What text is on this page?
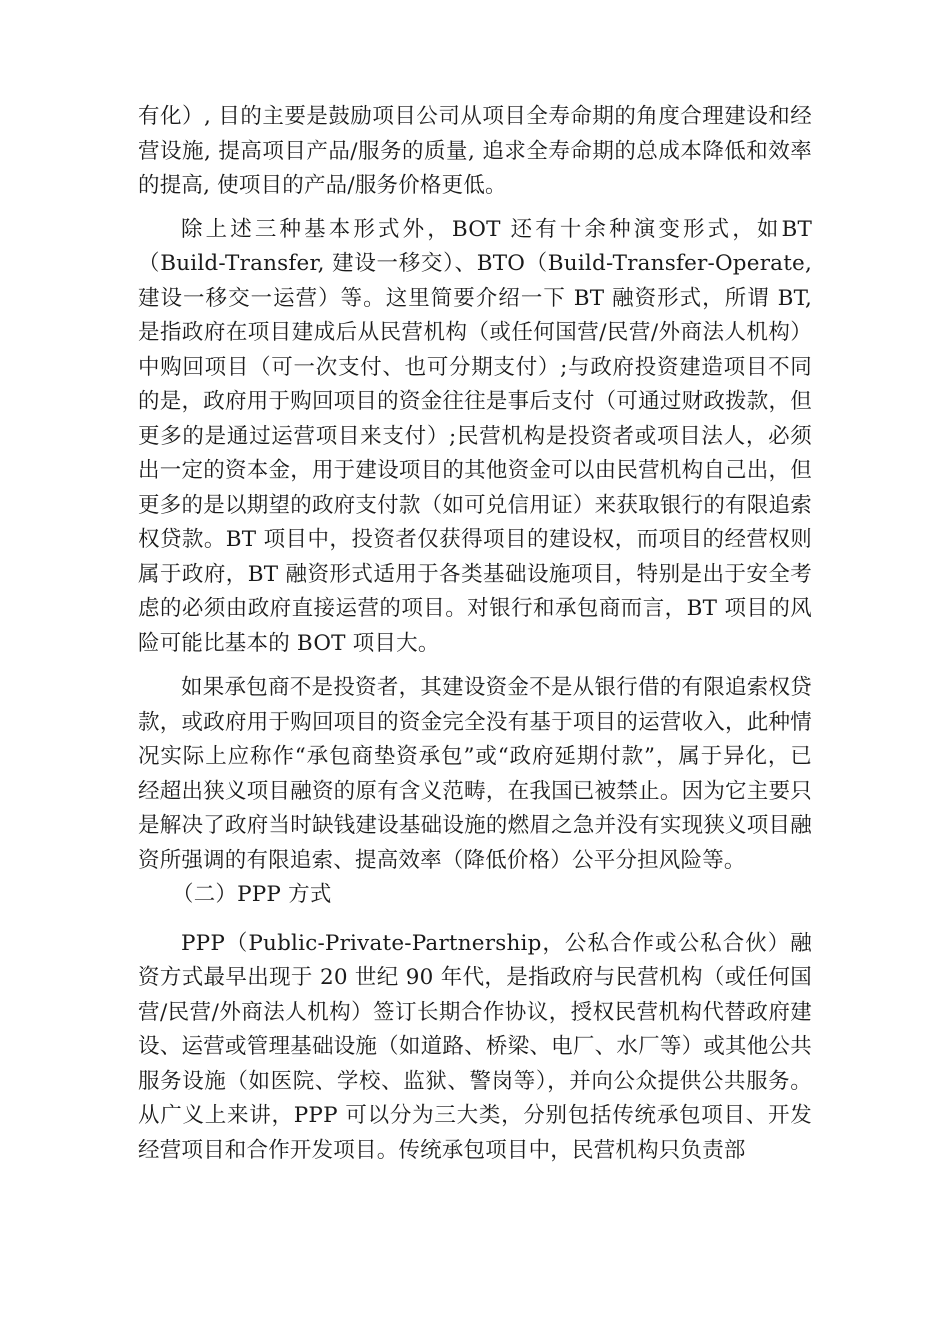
有化）, 目的主要是鼓励项目公司从项目全寿命期的角度合理建设和经营设施, 提高项目产品/服务的质量, 追求全寿命期的总成本降低和效率的提高, 使项目的产品/服务价格更低。

除上述三种基本形式外，BOT 还有十余种演变形式，如BT（Build-Transfer, 建设一移交）、BTO（Build-Transfer-Operate, 建设一移交一运营）等。这里简要介绍一下 BT 融资形式，所谓 BT, 是指政府在项目建成后从民营机构（或任何国营/民营/外商法人机构）中购回项目（可一次支付、也可分期支付）;与政府投资建造项目不同的是，政府用于购回项目的资金往往是事后支付（可通过财政拨款，但更多的是通过运营项目来支付）;民营机构是投资者或项目法人，必须出一定的资本金，用于建设项目的其他资金可以由民营机构自己出，但更多的是以期望的政府支付款（如可兑信用证）来获取银行的有限追索权贷款。BT 项目中，投资者仅获得项目的建设权，而项目的经营权则属于政府，BT 融资形式适用于各类基础设施项目，特别是出于安全考虑的必须由政府直接运营的项目。对银行和承包商而言，BT 项目的风险可能比基本的 BOT 项目大。

如果承包商不是投资者，其建设资金不是从银行借的有限追索权贷款，或政府用于购回项目的资金完全没有基于项目的运营收入，此种情况实际上应称作“承包商垫资承包”或“政府延期付款”，属于异化，已经超出狭义项目融资的原有含义范畴，在我国已被禁止。因为它主要只是解决了政府当时缺钱建设基础设施的燃眉之急并没有实现狭义项目融资所强调的有限追索、提高效率（降低价格）公平分担风险等。

（二）PPP 方式

PPP（Public-Private-Partnership，公私合作或公私合伙）融资方式最早出现于 20 世纪 90 年代，是指政府与民营机构（或任何国营/民营/外商法人机构）签订长期合作协议，授权民营机构代替政府建设、运营或管理基础设施（如道路、桥梁、电厂、水厂等）或其他公共服务设施（如医院、学校、监狱、警岗等），并向公众提供公共服务。从广义上来讲，PPP 可以分为三大类，分别包括传统承包项目、开发经营项目和合作开发项目。传统承包项目中，民营机构只负责部
